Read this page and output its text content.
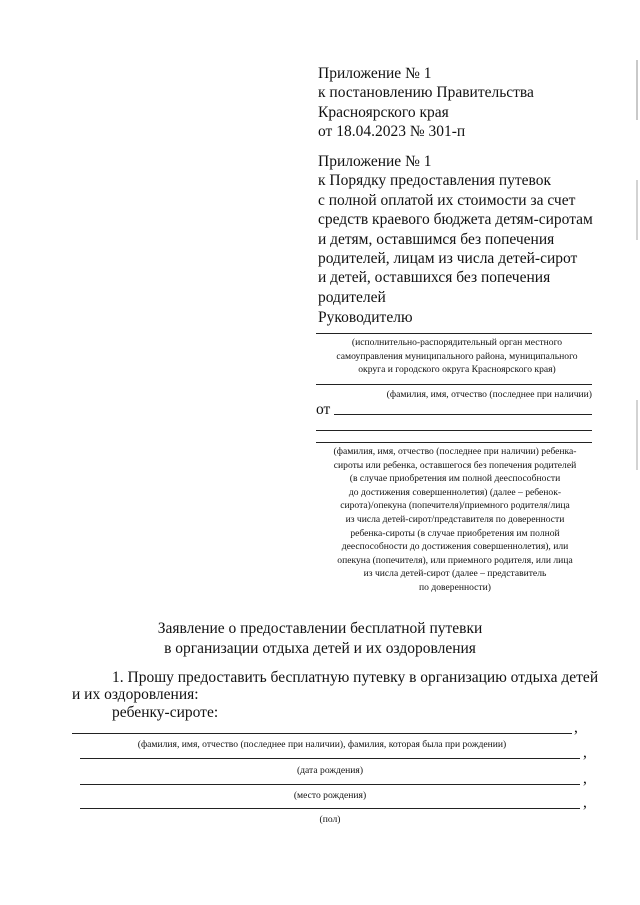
Приложение № 1
к постановлению Правительства
Красноярского края
от 18.04.2023 № 301-п
Приложение № 1
к Порядку предоставления путевок
с полной оплатой их стоимости за счет
средств краевого бюджета детям-сиротам
и детям, оставшимся без попечения
родителей, лицам из числа детей-сирот
и детей, оставшихся без попечения
родителей
Руководителю
(исполнительно-распорядительный орган местного
самоуправления муниципального района, муниципального
округа и городского округа Красноярского края)
(фамилия, имя, отчество (последнее при наличии)
от
(фамилия, имя, отчество (последнее при наличии) ребенка-
сироты или ребенка, оставшегося без попечения родителей
(в случае приобретения им полной дееспособности
до достижения совершеннолетия) (далее – ребенок-
сирота)/опекуна (попечителя)/приемного родителя/лица
из числа детей-сирот/представителя по доверенности
ребенка-сироты (в случае приобретения им полной
дееспособности до достижения совершеннолетия), или
опекуна (попечителя), или приемного родителя, или лица
из числа детей-сирот (далее – представитель
по доверенности)
Заявление о предоставлении бесплатной путевки
в организации отдыха детей и их оздоровления
1. Прошу предоставить бесплатную путевку в организацию отдыха детей
и их оздоровления:
ребенку-сироте:
,
(фамилия, имя, отчество (последнее при наличии), фамилия, которая была при рождении)	,
(дата рождения)	,
(место рождения)	,
(пол)
